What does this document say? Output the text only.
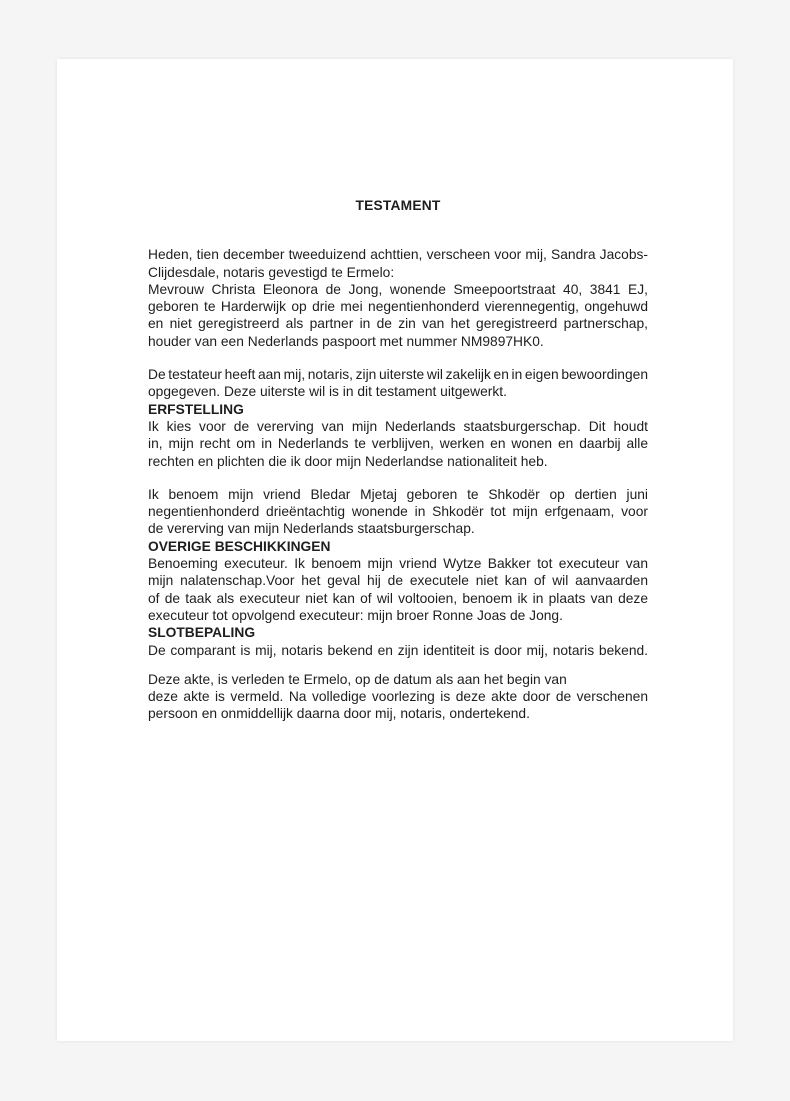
TESTAMENT
Heden, tien december tweeduizend achttien, verscheen voor mij, Sandra Jacobs-
Clijdesdale, notaris gevestigd te Ermelo:
Mevrouw Christa Eleonora de Jong, wonende Smeepoortstraat 40, 3841 EJ,
geboren te Harderwijk op drie mei negentienhonderd vierennegentig, ongehuwd
en niet geregistreerd als partner in de zin van het geregistreerd partnerschap,
houder van een Nederlands paspoort met nummer NM9897HK0.
De testateur heeft aan mij, notaris, zijn uiterste wil zakelijk en in eigen bewoordingen
opgegeven. Deze uiterste wil is in dit testament uitgewerkt.
ERFSTELLING
Ik kies voor de vererving van mijn Nederlands staatsburgerschap. Dit houdt
in, mijn recht om in Nederlands te verblijven, werken en wonen en daarbij alle
rechten en plichten die ik door mijn Nederlandse nationaliteit heb.
Ik benoem mijn vriend Bledar Mjetaj geboren te Shkodër op dertien juni
negentienhonderd drieëntachtig wonende in Shkodër tot mijn erfgenaam, voor
de vererving van mijn Nederlands staatsburgerschap.
OVERIGE BESCHIKKINGEN
Benoeming executeur. Ik benoem mijn vriend Wytze Bakker tot executeur van
mijn nalatenschap.Voor het geval hij de executele niet kan of wil aanvaarden
of de taak als executeur niet kan of wil voltooien, benoem ik in plaats van deze
executeur tot opvolgend executeur: mijn broer Ronne Joas de Jong.
SLOTBEPALING
De comparant is mij, notaris bekend en zijn identiteit is door mij, notaris bekend.
Deze akte, is verleden te Ermelo, op de datum als aan het begin van
deze akte is vermeld. Na volledige voorlezing is deze akte door de verschenen
persoon en onmiddellijk daarna door mij, notaris, ondertekend.
